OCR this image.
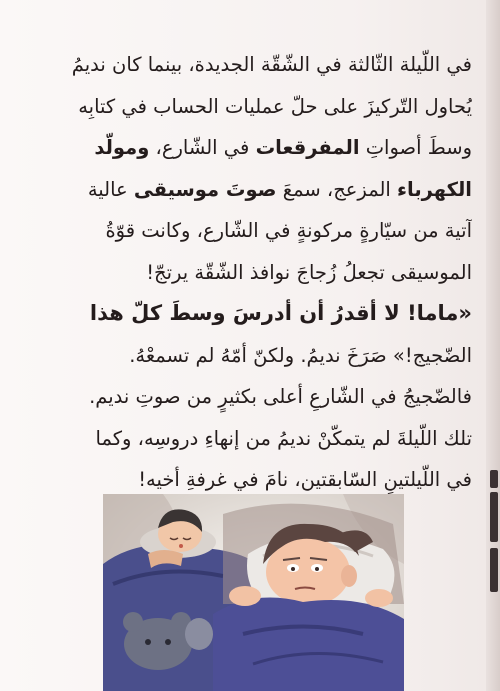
في اللّيلة الثّالثة في الشّقّة الجديدة، بينما كان نديمُ
يُحاول التّركيزَ على حلّ عمليات الحساب في كتابِه
وسطَ أصواتِ المفرقعات في الشّارع، ومولّد
الكهرباء المزعج، سمعَ صوتَ موسيقى عالية
آتية من سيّارةٍ مركونةٍ في الشّارع، وكانت قوّةُ
الموسيقى تجعلُ زُجاجَ نوافذ الشّقّة يرتجّ!
«ماما! لا أقدرُ أن أدرسَ وسطَ كلّ هذا
الضّجيج!» صَرَخَ نديمُ. ولكنّ أمّهُ لم تسمعْهُ.
فالضّجيجُ في الشّارعِ أعلى بكثيرٍ من صوتِ نديم.
تلك اللّيلةَ لم يتمكّنْ نديمُ من إنهاءِ دروسِه، وكما
في اللّيلتينِ السّابقتين، نامَ في غرفةِ أخيه!
